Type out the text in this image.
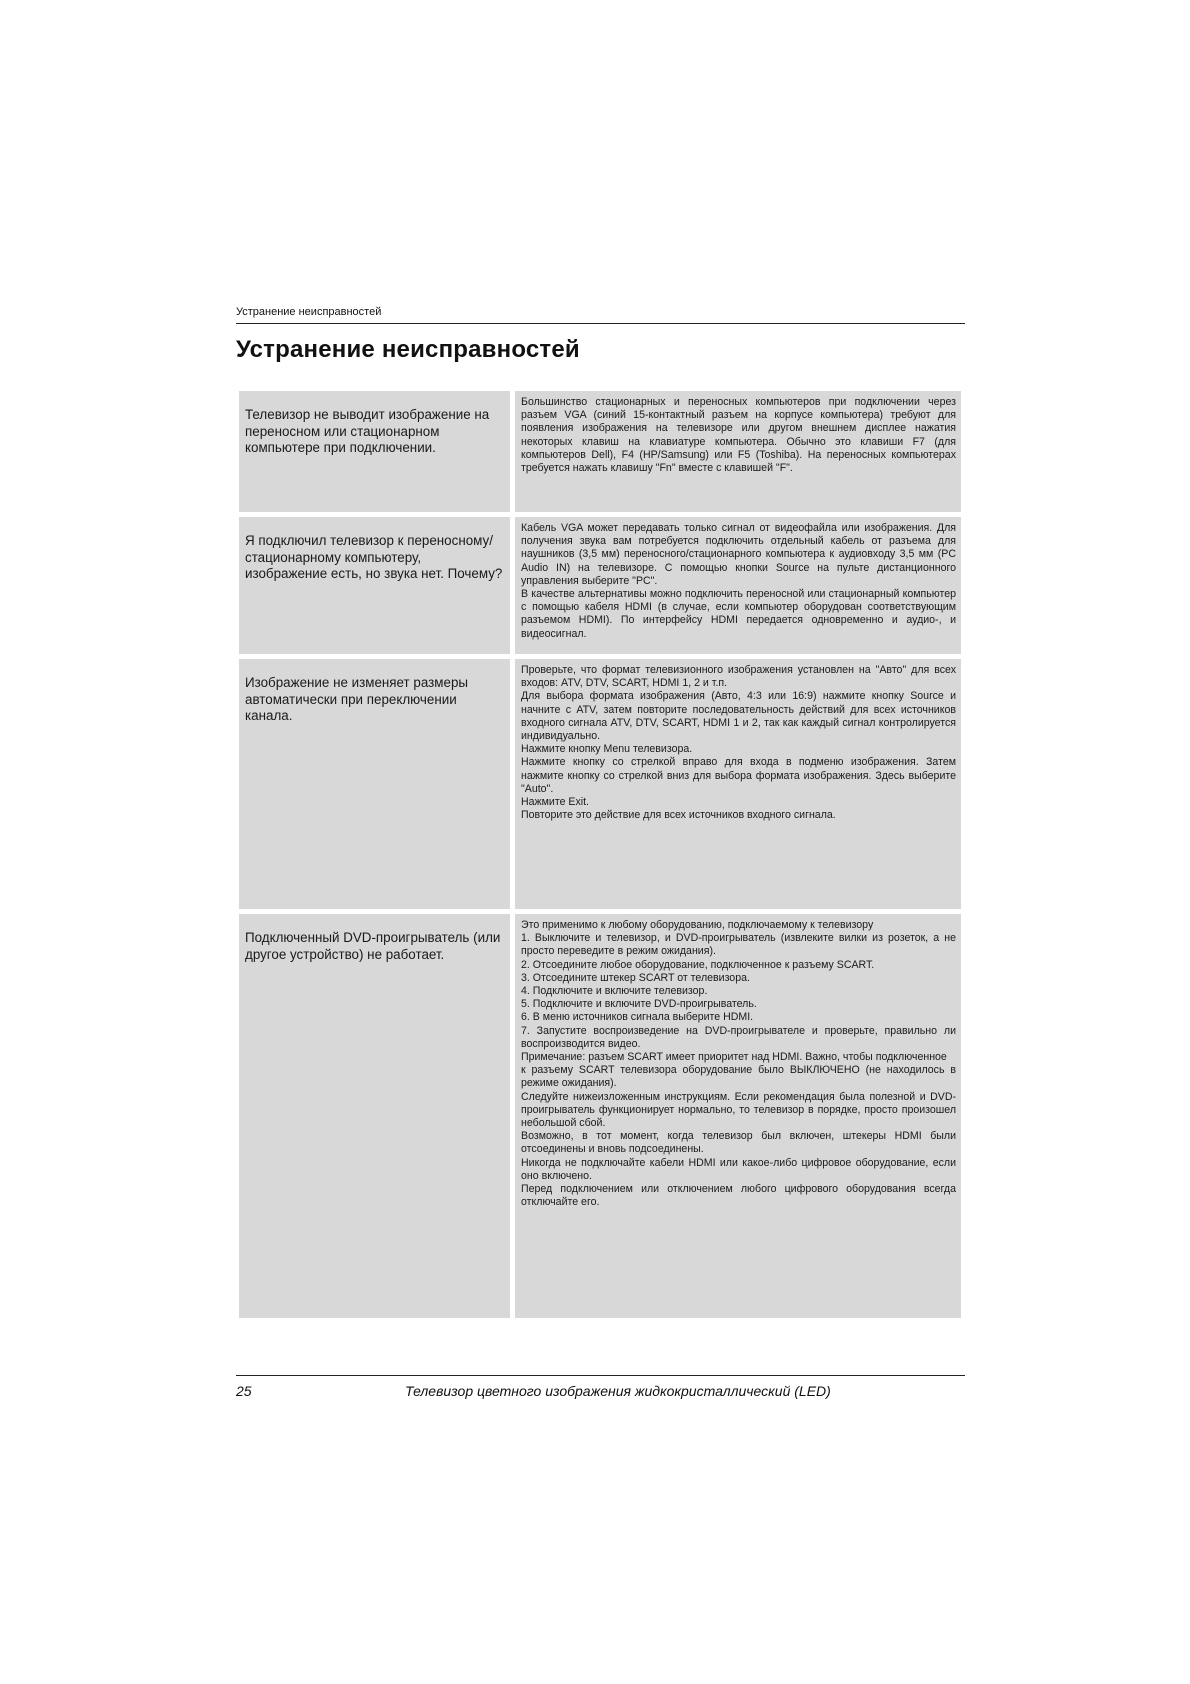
Устранение неисправностей
Устранение неисправностей
Телевизор не выводит изображение на переносном или стационарном компьютере при подключении.
Большинство стационарных и переносных компьютеров при подключении через разъем VGA (синий 15-контактный разъем на корпусе компьютера) требуют для появления изображения на телевизоре или другом внешнем дисплее нажатия некоторых клавиш на клавиатуре компьютера. Обычно это клавиши F7 (для компьютеров Dell), F4 (HP/Samsung) или F5 (Toshiba). На переносных компьютерах требуется нажать клавишу "Fn" вместе с клавишей "F".
Я подключил телевизор к переносному/стационарному компьютеру, изображение есть, но звука нет. Почему?
Кабель VGA может передавать только сигнал от видеофайла или изображения. Для получения звука вам потребуется подключить отдельный кабель от разъема для наушников (3,5 мм) переносного/стационарного компьютера к аудиовходу 3,5 мм (PC Audio IN) на телевизоре. С помощью кнопки Source на пульте дистанционного управления выберите "PC".
В качестве альтернативы можно подключить переносной или стационарный компьютер с помощью кабеля HDMI (в случае, если компьютер оборудован соответствующим разъемом HDMI). По интерфейсу HDMI передается одновременно и аудио-, и видеосигнал.
Изображение не изменяет размеры автоматически при переключении канала.
Проверьте, что формат телевизионного изображения установлен на "Авто" для всех входов: ATV, DTV, SCART, HDMI 1, 2 и т.п.
Для выбора формата изображения (Авто, 4:3 или 16:9) нажмите кнопку Source и начните с ATV, затем повторите последовательность действий для всех источников входного сигнала ATV, DTV, SCART, HDMI 1 и 2, так как каждый сигнал контролируется индивидуально.
Нажмите кнопку Menu телевизора.
Нажмите кнопку со стрелкой вправо для входа в подменю изображения. Затем нажмите кнопку со стрелкой вниз для выбора формата изображения. Здесь выберите "Auto".
Нажмите Exit.
Повторите это действие для всех источников входного сигнала.
Подключенный DVD-проигрыватель (или другое устройство) не работает.
Это применимо к любому оборудованию, подключаемому к телевизору
1. Выключите и телевизор, и DVD-проигрыватель (извлеките вилки из розеток, а не просто переведите в режим ожидания).
2. Отсоедините любое оборудование, подключенное к разъему SCART.
3. Отсоедините штекер SCART от телевизора.
4. Подключите и включите телевизор.
5. Подключите и включите DVD-проигрыватель.
6. В меню источников сигнала выберите HDMI.
7. Запустите воспроизведение на DVD-проигрывателе и проверьте, правильно ли воспроизводится видео.
Примечание: разъем SCART имеет приоритет над HDMI. Важно, чтобы подключенное
к разъему SCART телевизора оборудование было ВЫКЛЮЧЕНО (не находилось в режиме ожидания).
Следуйте нижеизложенным инструкциям. Если рекомендация была полезной и DVD-проигрыватель функционирует нормально, то телевизор в порядке, просто произошел небольшой сбой.
Возможно, в тот момент, когда телевизор был включен, штекеры HDMI были отсоединены и вновь подсоединены.
Никогда не подключайте кабели HDMI или какое-либо цифровое оборудование, если оно включено.
Перед подключением или отключением любого цифрового оборудования всегда отключайте его.
25	Телевизор цветного изображения жидкокристаллический (LED)
